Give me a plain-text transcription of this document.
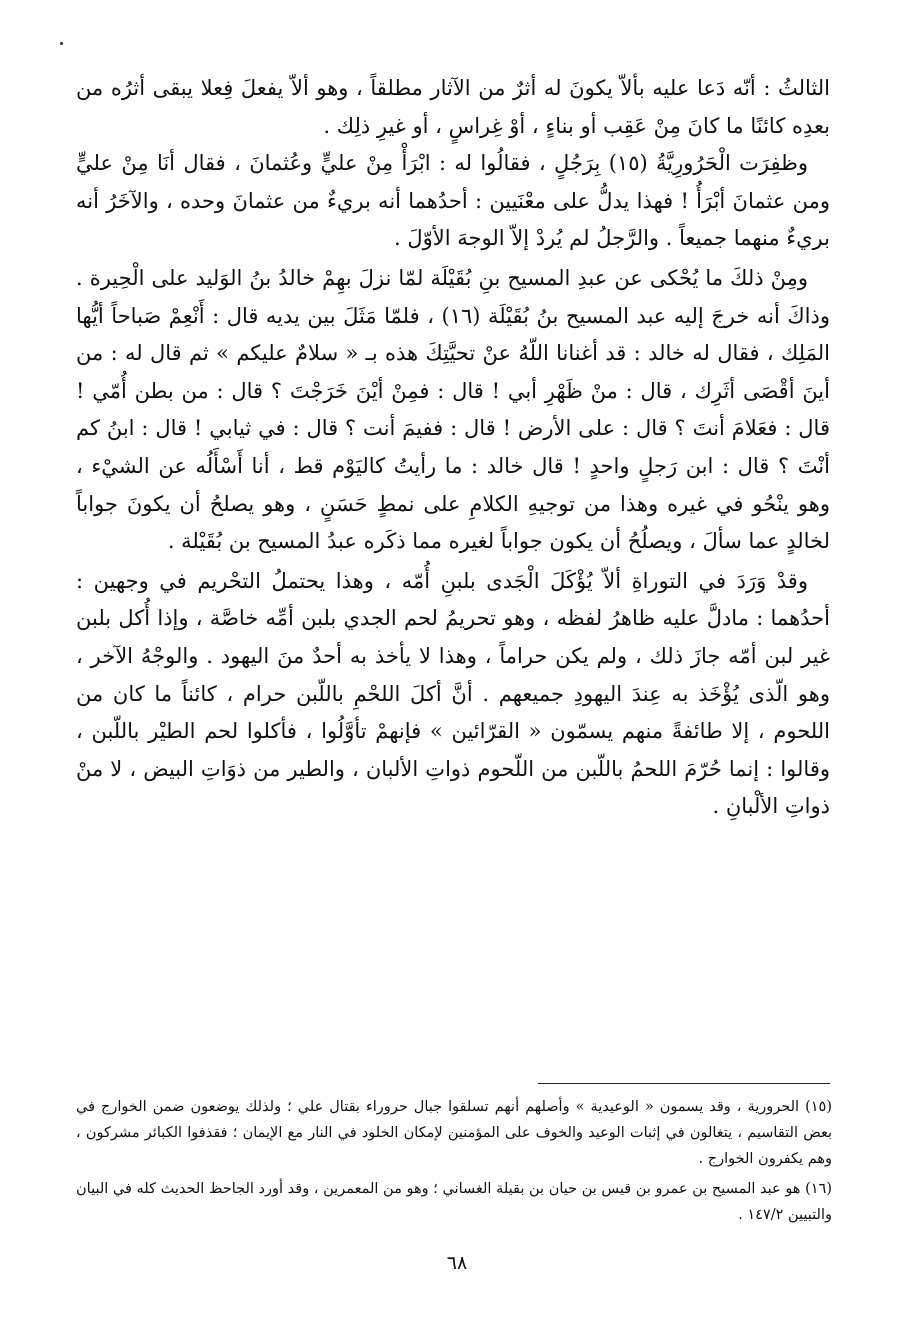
الثالثُ : أنّه دَعا عليه بألاّ يكونَ له أثرٌ من الآثار مطلقاً ، وهو ألاّ يفعلَ فِعلا يبقى أثرُه من بعدِه كائنًا ما كانَ مِنْ عَقِب أو بناءٍ ، أوْ غِراسٍ ، أو غيرِ ذلِك .

وظفِرَت الْحَرُورِيَّةُ (١٥) بِرَجُلٍ ، فقالُوا له : ابْرَأْ مِنْ عليٍّ وعُثمانَ ، فقال أنَا مِنْ عليٍّ ومن عثمانَ أبْرَأُ ! فهذا يدلُّ على معْنَيين : أحدُهما أنه بريءٌ من عثمانَ وحده ، والآخَرُ أنه بريءٌ منهما جميعاً . والرَّجلُ لم يُردْ إلاّ الوجهَ الأوّلَ .

ومِنْ ذلكَ ما يُحْكى عن عبدِ المسيح بنِ بُقَيْلَة لمّا نزلَ بهِمْ خالدُ بنُ الوَليد على الْحِيرة . وذاكَ أنه خرجَ إليه عبد المسيح بنُ بُقَيْلَة (١٦) ، فلمّا مَثَلَ بين يديه قال : أَنْعِمْ صَباحاً أيُّها المَلِك ، فقال له خالد : قد أغنانا اللّهُ عنْ تحيَّتِكَ هذه بـ « سلامٌ عليكم » ثم قال له : من أينَ أقْصَى أثَرِك ، قال : منْ ظَهْرِ أبي ! قال : فمِنْ أيْنَ خَرَجْتَ ؟ قال : من بطن أُمّي ! قال : فعَلامَ أنتَ ؟ قال : على الأرض ! قال : ففيمَ أنت ؟ قال : في ثيابي ! قال : ابنُ كم أنْتَ ؟ قال : ابن رَجلٍ واحدٍ ! قال خالد : ما رأيتُ كاليَوْم قط ، أنا أَسْأَلُه عن الشيْء ، وهو ينْحُو في غيره وهذا من توجيهِ الكلامِ على نمطٍ حَسَنٍ ، وهو يصلحُ أن يكونَ جواباً لخالدٍ عما سألَ ، ويصلُحُ أن يكون جواباً لغيره مما ذكَره عبدُ المسيح بن بُقَيْلة .

وقدْ وَرَدَ في التوراةِ ألاّ يُؤْكَلَ الْجَدى بلبنِ أُمّه ، وهذا يحتملُ التحْريم في وجهين : أحدُهما : مادلَّ عليه ظاهرُ لفظه ، وهو تحريمُ لحم الجدي بلبن أمِّه خاصَّة ، وإذا أُكل بلبن غير لبن أمّه جازَ ذلك ، ولم يكن حراماً ، وهذا لا يأخذ به أحدٌ منَ اليهود . والوجْهُ الآخر ، وهو الّذى يُؤْخَذ به عِندَ اليهودِ جميعهم . أنَّ أكلَ اللحْمِ باللّبن حرام ، كائناً ما كان من اللحوم ، إلا طائفةً منهم يسمّون « القرّائين » فإنهمْ تأوَّلُوا ، فأكلوا لحم الطيْر باللّبن ، وقالوا : إنما حُرّمَ اللحمُ باللّبن من اللّحوم ذواتِ الألبان ، والطير من ذوَاتِ البيض ، لا منْ ذواتِ الألْبانِ .

(١٥) الحرورية ، وقد يسمون « الوعيدية » وأصلهم أنهم تسلقوا جبال حروراء بقتال علي ؛ ولذلك يوضعون ضمن الخوارج في بعض التقاسيم ، يتغالون في إثبات الوعيد والخوف على المؤمنين لإمكان الخلود في النار مع الإيمان ؛ فقذفوا الكبائر مشركون ، وهم يكفرون الخوارج .

(١٦) هو عبد المسيح بن عمرو بن قيس بن حيان بن بقيلة الغساني ؛ وهو من المعمرين ، وقد أورد الجاحظ الحديث كله في البيان والتبيين ١٤٧/٢ .

٦٨
